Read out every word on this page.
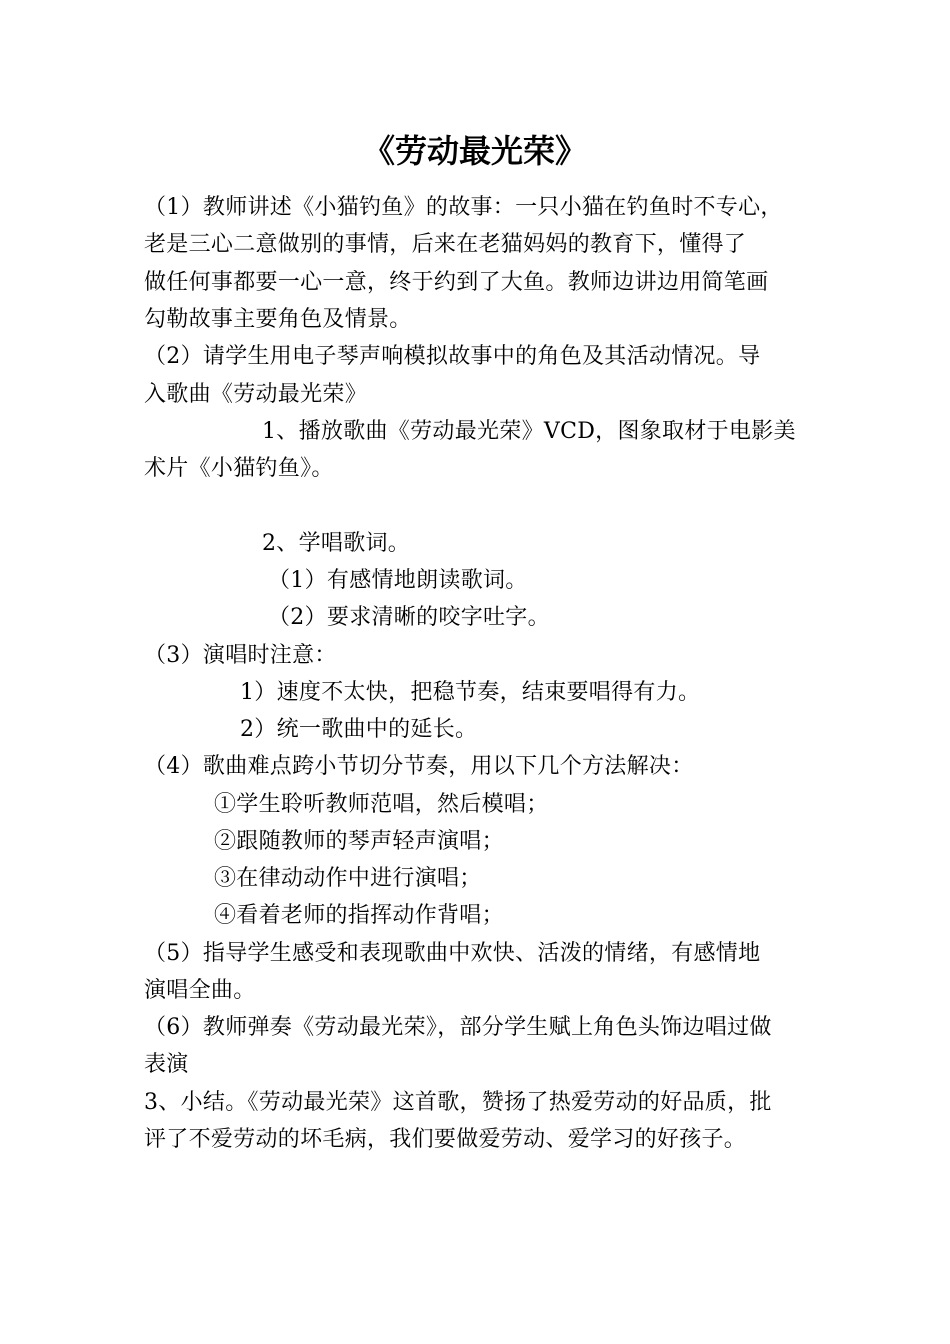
《劳动最光荣》
（1）教师讲述《小猫钓鱼》的故事：一只小猫在钓鱼时不专心，
老是三心二意做别的事情，后来在老猫妈妈的教育下，懂得了
做任何事都要一心一意，终于约到了大鱼。教师边讲边用简笔画
勾勒故事主要角色及情景。
（2）请学生用电子琴声响模拟故事中的角色及其活动情况。导
入歌曲《劳动最光荣》
1、播放歌曲《劳动最光荣》VCD，图象取材于电影美
术片《小猫钓鱼》。
2、学唱歌词。
（1）有感情地朗读歌词。
（2）要求清晰的咬字吐字。
（3）演唱时注意：
1）速度不太快，把稳节奏，结束要唱得有力。
2）统一歌曲中的延长。
（4）歌曲难点跨小节切分节奏，用以下几个方法解决：
①学生聆听教师范唱，然后模唱；
②跟随教师的琴声轻声演唱；
③在律动动作中进行演唱；
④看着老师的指挥动作背唱；
（5）指导学生感受和表现歌曲中欢快、活泼的情绪，有感情地
演唱全曲。
（6）教师弹奏《劳动最光荣》，部分学生赋上角色头饰边唱过做
表演
3、小结。《劳动最光荣》这首歌，赞扬了热爱劳动的好品质，批
评了不爱劳动的坏毛病，我们要做爱劳动、爱学习的好孩子。
